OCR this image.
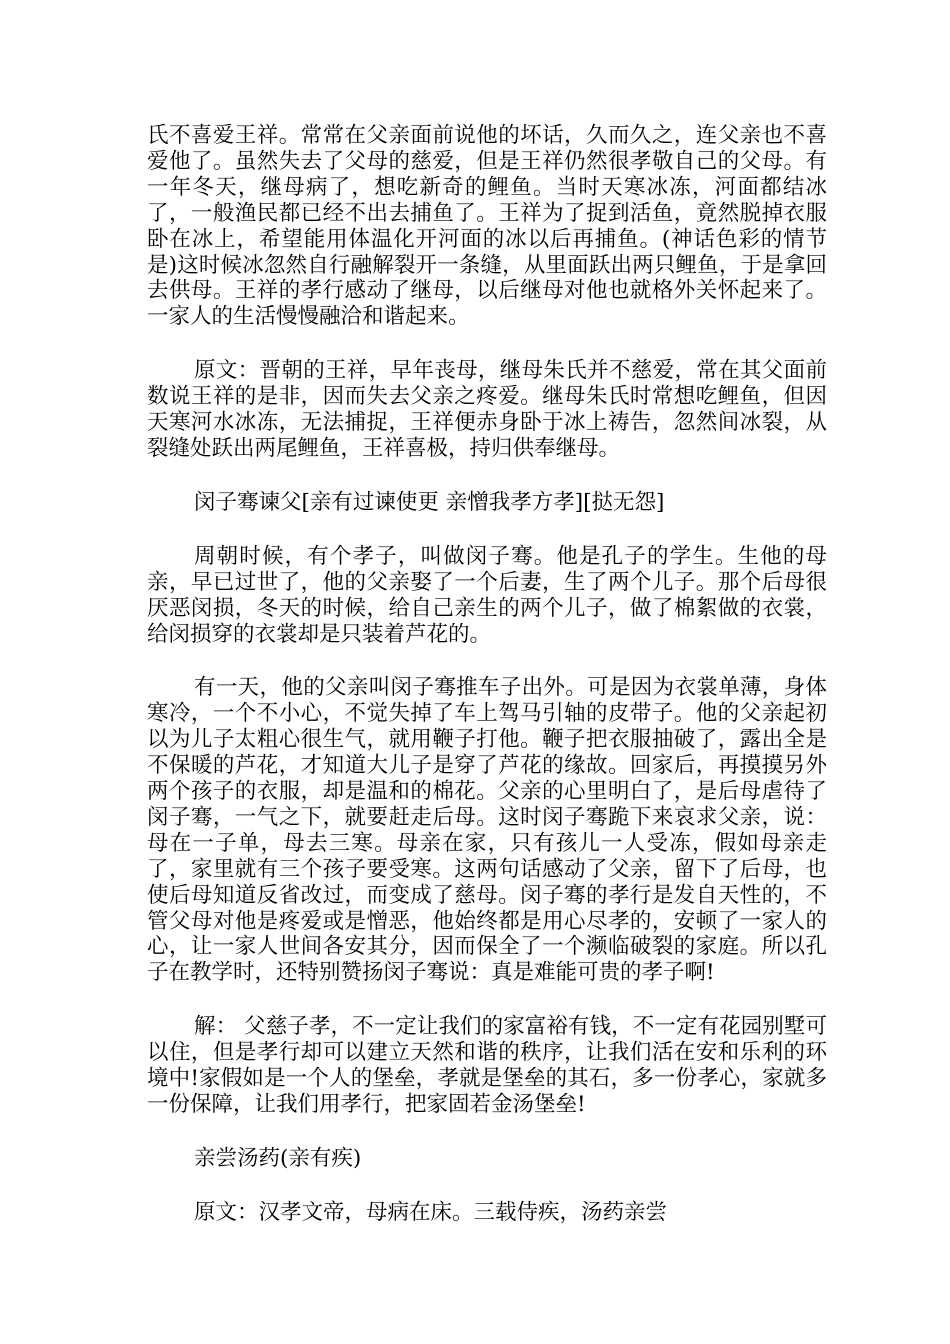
氏不喜爱王祥。常常在父亲面前说他的坏话，久而久之，连父亲也不喜爱他了。虽然失去了父母的慈爱，但是王祥仍然很孝敬自己的父母。有一年冬天，继母病了，想吃新奇的鲤鱼。当时天寒冰冻，河面都结冰了，一般渔民都已经不出去捕鱼了。王祥为了捉到活鱼，竟然脱掉衣服卧在冰上，希望能用体温化开河面的冰以后再捕鱼。(神话色彩的情节是)这时候冰忽然自行融解裂开一条缝，从里面跃出两只鲤鱼，于是拿回去供母。王祥的孝行感动了继母，以后继母对他也就格外关怀起来了。一家人的生活慢慢融洽和谐起来。

原文：晋朝的王祥，早年丧母，继母朱氏并不慈爱，常在其父面前数说王祥的是非，因而失去父亲之疼爱。继母朱氏时常想吃鲤鱼，但因天寒河水冰冻，无法捕捉，王祥便赤身卧于冰上祷告，忽然间冰裂，从裂缝处跃出两尾鲤鱼，王祥喜极，持归供奉继母。

闵子骞谏父[亲有过谏使更 亲憎我孝方孝][挞无怨]

周朝时候，有个孝子，叫做闵子骞。他是孔子的学生。生他的母亲，早已过世了，他的父亲娶了一个后妻，生了两个儿子。那个后母很厌恶闵损，冬天的时候，给自己亲生的两个儿子，做了棉絮做的衣裳，给闵损穿的衣裳却是只装着芦花的。

有一天，他的父亲叫闵子骞推车子出外。可是因为衣裳单薄，身体寒冷，一个不小心，不觉失掉了车上驾马引轴的皮带子。他的父亲起初以为儿子太粗心很生气，就用鞭子打他。鞭子把衣服抽破了，露出全是不保暖的芦花，才知道大儿子是穿了芦花的缘故。回家后，再摸摸另外两个孩子的衣服，却是温和的棉花。父亲的心里明白了，是后母虐待了闵子骞，一气之下，就要赶走后母。这时闵子骞跪下来哀求父亲，说：母在一子单，母去三寒。母亲在家，只有孩儿一人受冻，假如母亲走了，家里就有三个孩子要受寒。这两句话感动了父亲，留下了后母，也使后母知道反省改过，而变成了慈母。闵子骞的孝行是发自天性的，不管父母对他是疼爱或是憎恶，他始终都是用心尽孝的，安顿了一家人的心，让一家人世间各安其分，因而保全了一个濒临破裂的家庭。所以孔子在教学时，还特别赞扬闵子骞说：真是难能可贵的孝子啊!

解： 父慈子孝，不一定让我们的家富裕有钱，不一定有花园别墅可以住，但是孝行却可以建立天然和谐的秩序，让我们活在安和乐利的环境中!家假如是一个人的堡垒，孝就是堡垒的其石，多一份孝心，家就多一份保障，让我们用孝行，把家固若金汤堡垒!

亲尝汤药(亲有疾)

原文：汉孝文帝，母病在床。三载侍疾，汤药亲尝
